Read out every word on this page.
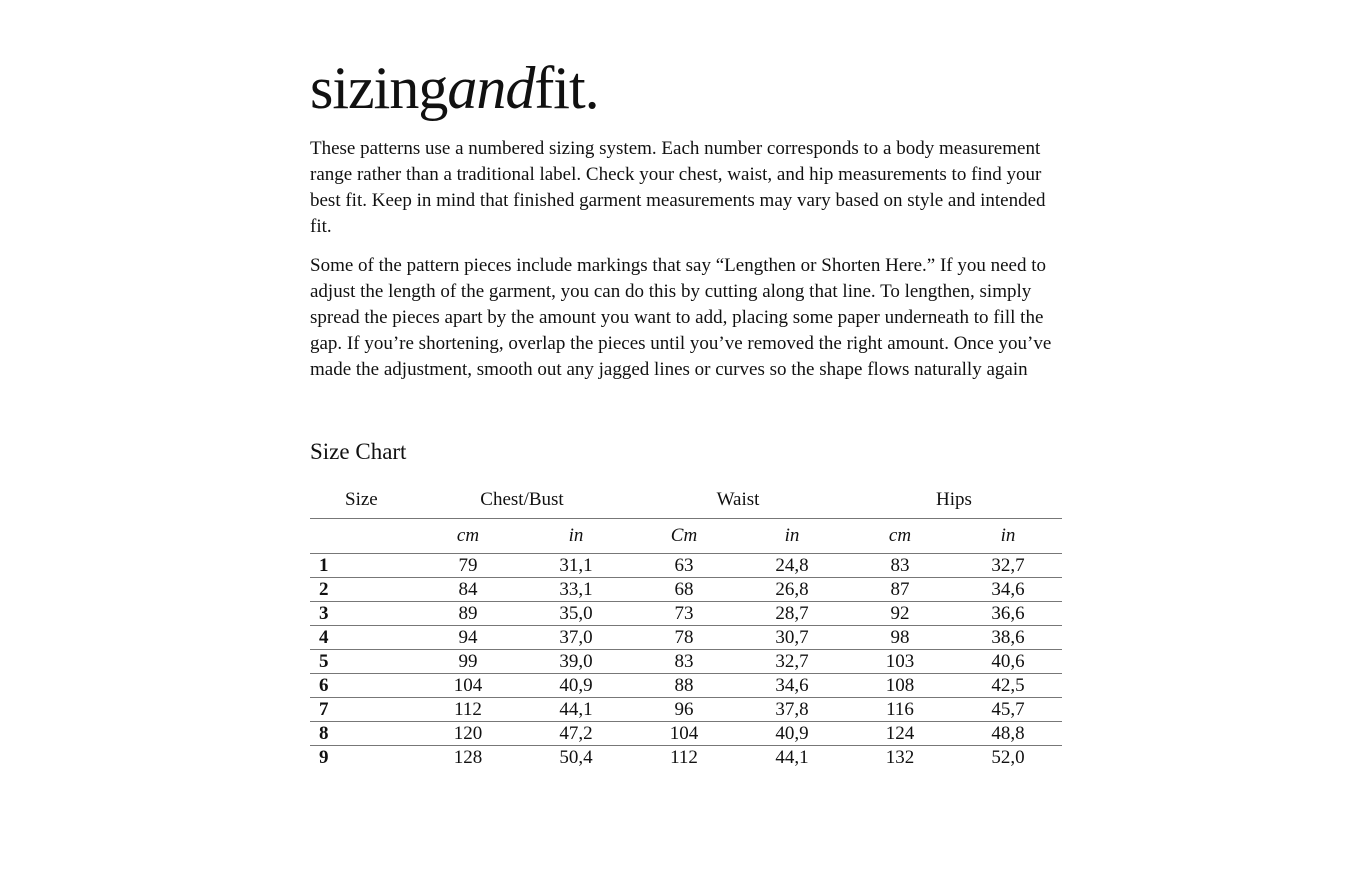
sizingandfit.

These patterns use a numbered sizing system. Each number corresponds to a body measurement range rather than a traditional label. Check your chest, waist, and hip measurements to find your best fit. Keep in mind that finished garment measurements may vary based on style and intended fit.

Some of the pattern pieces include markings that say “Lengthen or Shorten Here.” If you need to adjust the length of the garment, you can do this by cutting along that line. To lengthen, simply spread the pieces apart by the amount you want to add, placing some paper underneath to fill the gap. If you’re shortening, overlap the pieces until you’ve removed the right amount. Once you’ve made the adjustment, smooth out any jagged lines or curves so the shape flows naturally again

Size Chart
Size	Chest/Bust		Waist		Hips	
	cm	in	Cm	in	cm	in
1	79	31,1	63	24,8	83	32,7
2	84	33,1	68	26,8	87	34,6
3	89	35,0	73	28,7	92	36,6
4	94	37,0	78	30,7	98	38,6
5	99	39,0	83	32,7	103	40,6
6	104	40,9	88	34,6	108	42,5
7	112	44,1	96	37,8	116	45,7
8	120	47,2	104	40,9	124	48,8
9	128	50,4	112	44,1	132	52,0
